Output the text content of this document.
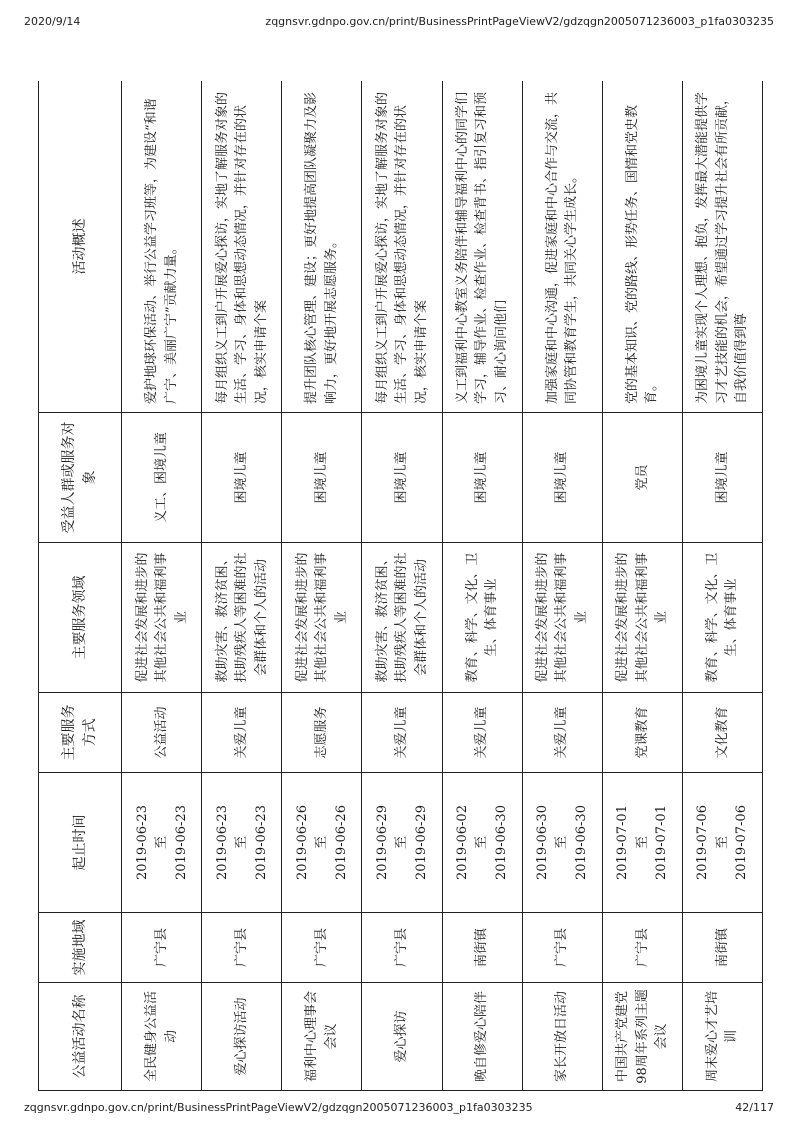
2020/9/14	zqgnsvr.gdnpo.gov.cn/print/BusinessPrintPageViewV2/gdzqgn2005071236003_p1fa0303235
公益活动名称	实施地域	起止时间	主要服务方式	主要服务领域	受益人群或服务对象	活动概述

全民健身公益活动	广宁县	2019-06-23 至 2019-06-23	公益活动	促进社会发展和进步的其他社会公共和福利事业	义工、困境儿童	爱护地球环保活动、举行公益学习班等，为建设“和谐广宁、美丽广宁”贡献力量。

爱心探访活动	广宁县	2019-06-23 至 2019-06-23	关爱儿童	救助灾害、救济贫困、扶助残疾人等困难的社会群体和个人的活动	困境儿童	每月组织义工到户开展爱心探访，实地了解服务对象的生活、学习、身体和思想动态情况，并针对存在的状况，核实申请个案

福利中心理事会会议	广宁县	2019-06-26 至 2019-06-26	志愿服务	促进社会发展和进步的其他社会公共和福利事业	困境儿童	提升团队核心管理、建设；更好地提高团队凝聚力及影响力，更好地开展志愿服务。

爱心探访	广宁县	2019-06-29 至 2019-06-29	关爱儿童	救助灾害、救济贫困、扶助残疾人等困难的社会群体和个人的活动	困境儿童	每月组织义工到户开展爱心探访，实地了解服务对象的生活、学习、身体和思想动态情况，并针对存在的状况，核实申请个案

晚自修爱心陪伴	南街镇	2019-06-02 至 2019-06-30	关爱儿童	教育、科学、文化、卫生、体育事业	困境儿童	义工到福利中心教室义务陪伴和辅导福利中心的同学们学习，辅导作业、检查作业、检查背书、指引复习和预习、耐心询问他们

家长开放日活动	广宁县	2019-06-30 至 2019-06-30	关爱儿童	促进社会发展和进步的其他社会公共和福利事业	困境儿童	加强家庭和中心沟通，促进家庭和中心合作与交流，共同协管和教育学生，共同关心学生成长。

中国共产党建党98周年系列主题会议	广宁县	2019-07-01 至 2019-07-01	党课教育	促进社会发展和进步的其他社会公共和福利事业	党员	党的基本知识、党的路线、形势任务、国情和党史教育。

周末爱心才艺培训	南街镇	2019-07-06 至 2019-07-06	文化教育	教育、科学、文化、卫生、体育事业	困境儿童	为困境儿童实现个人理想、抱负，发挥最大潜能提供学习才艺技能的机会，希望通过学习提升社会有所贡献，自我价值得到尊
zqgnsvr.gdnpo.gov.cn/print/BusinessPrintPageViewV2/gdzqgn2005071236003_p1fa0303235	42/117
